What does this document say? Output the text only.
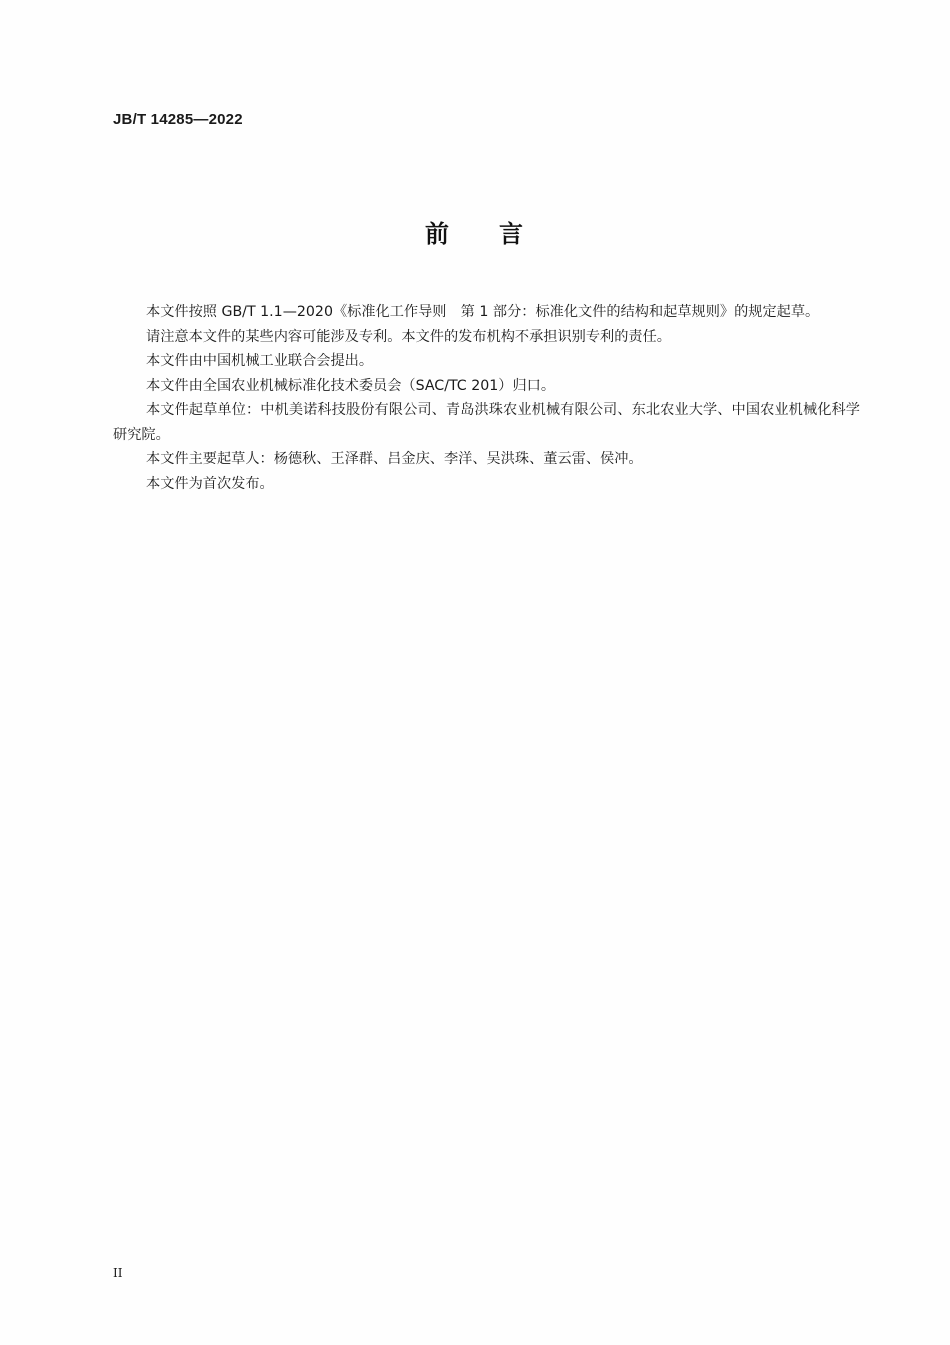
JB/T 14285—2022
前 言

本文件按照 GB/T 1.1—2020《标准化工作导则　第 1 部分：标准化文件的结构和起草规则》的规定起草。

请注意本文件的某些内容可能涉及专利。本文件的发布机构不承担识别专利的责任。

本文件由中国机械工业联合会提出。

本文件由全国农业机械标准化技术委员会（SAC/TC 201）归口。

本文件起草单位：中机美诺科技股份有限公司、青岛洪珠农业机械有限公司、东北农业大学、中国农业机械化科学研究院。

本文件主要起草人：杨德秋、王泽群、吕金庆、李洋、吴洪珠、董云雷、侯冲。

本文件为首次发布。

II
